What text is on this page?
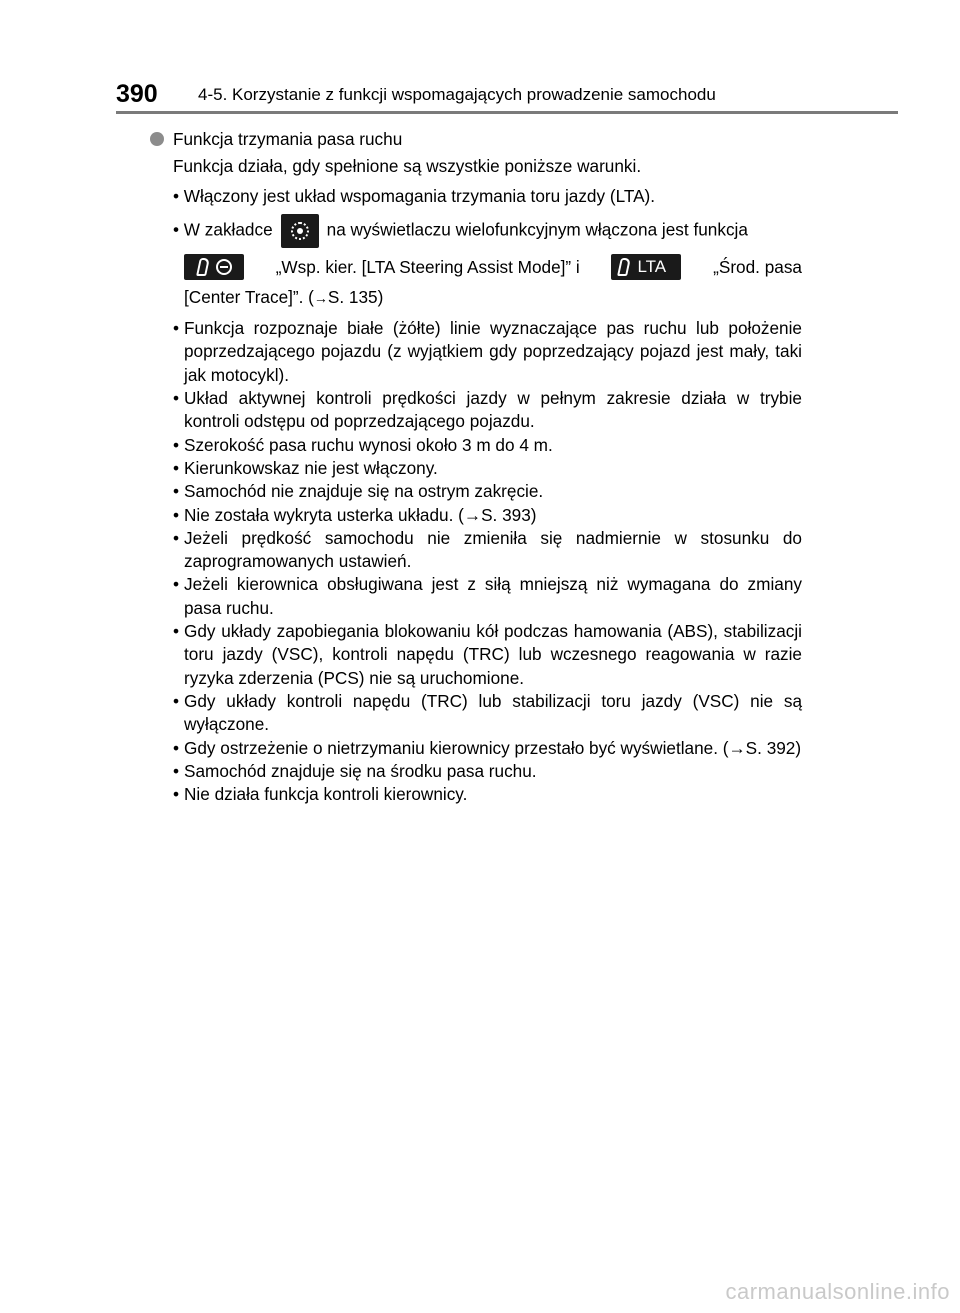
390 4-5. Korzystanie z funkcji wspomagających prowadzenie samochodu
Funkcja trzymania pasa ruchu
Funkcja działa, gdy spełnione są wszystkie poniższe warunki.
• Włączony jest układ wspomagania trzymania toru jazdy (LTA).
• W zakładce	na wyświetlaczu wielofunkcyjnym włączona jest funkcja
„Wsp. kier. [LTA Steering Assist Mode]” i	LTA	„Środ. pasa
[Center Trace]”. (→S. 135)
• Funkcja rozpoznaje białe (żółte) linie wyznaczające pas ruchu lub położenie poprzedzającego pojazdu (z wyjątkiem gdy poprzedzający pojazd jest mały, taki jak motocykl).
• Układ aktywnej kontroli prędkości jazdy w pełnym zakresie działa w trybie kontroli odstępu od poprzedzającego pojazdu.
• Szerokość pasa ruchu wynosi około 3 m do 4 m.
• Kierunkowskaz nie jest włączony.
• Samochód nie znajduje się na ostrym zakręcie.
• Nie została wykryta usterka układu. (→S. 393)
• Jeżeli prędkość samochodu nie zmieniła się nadmiernie w stosunku do zaprogramowanych ustawień.
• Jeżeli kierownica obsługiwana jest z siłą mniejszą niż wymagana do zmiany pasa ruchu.
• Gdy układy zapobiegania blokowaniu kół podczas hamowania (ABS), stabilizacji toru jazdy (VSC), kontroli napędu (TRC) lub wczesnego reagowania w razie ryzyka zderzenia (PCS) nie są uruchomione.
• Gdy układy kontroli napędu (TRC) lub stabilizacji toru jazdy (VSC) nie są wyłączone.
• Gdy ostrzeżenie o nietrzymaniu kierownicy przestało być wyświetlane. (→S. 392)
• Samochód znajduje się na środku pasa ruchu.
• Nie działa funkcja kontroli kierownicy.
carmanualsonline.info
